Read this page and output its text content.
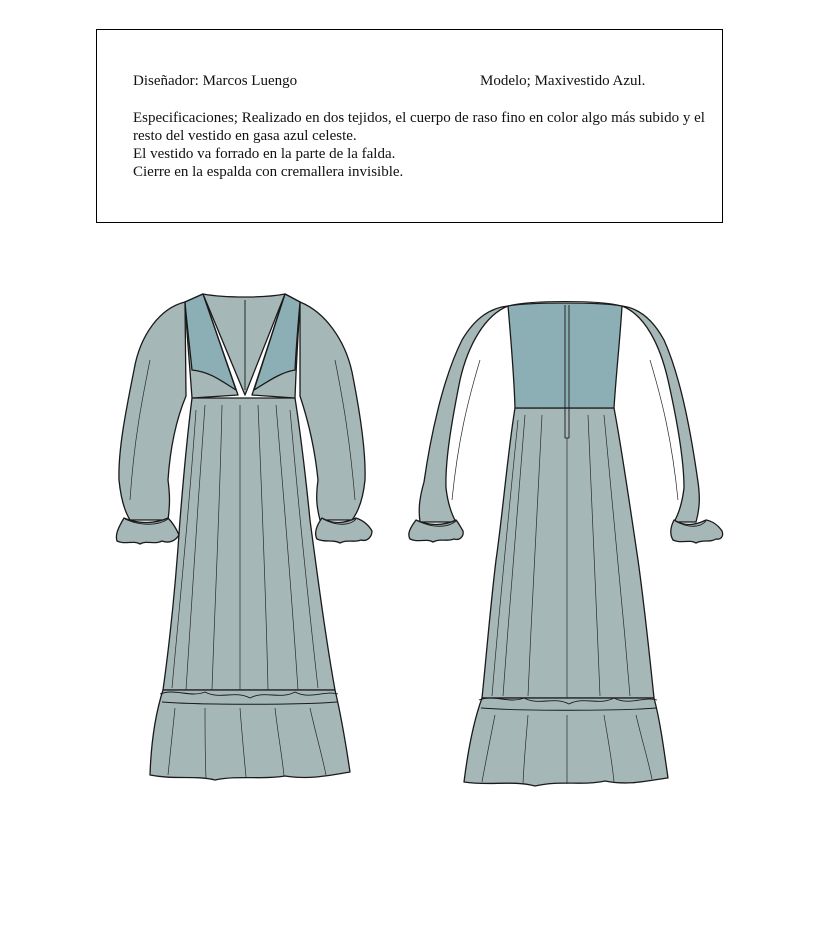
Diseñador: Marcos Luengo	Modelo; Maxivestido Azul.

Especificaciones; Realizado en dos tejidos, el cuerpo de raso fino en color algo más subido y el resto del vestido en gasa azul celeste.

El vestido va forrado en la parte de la falda.

Cierre en la espalda con cremallera invisible.
